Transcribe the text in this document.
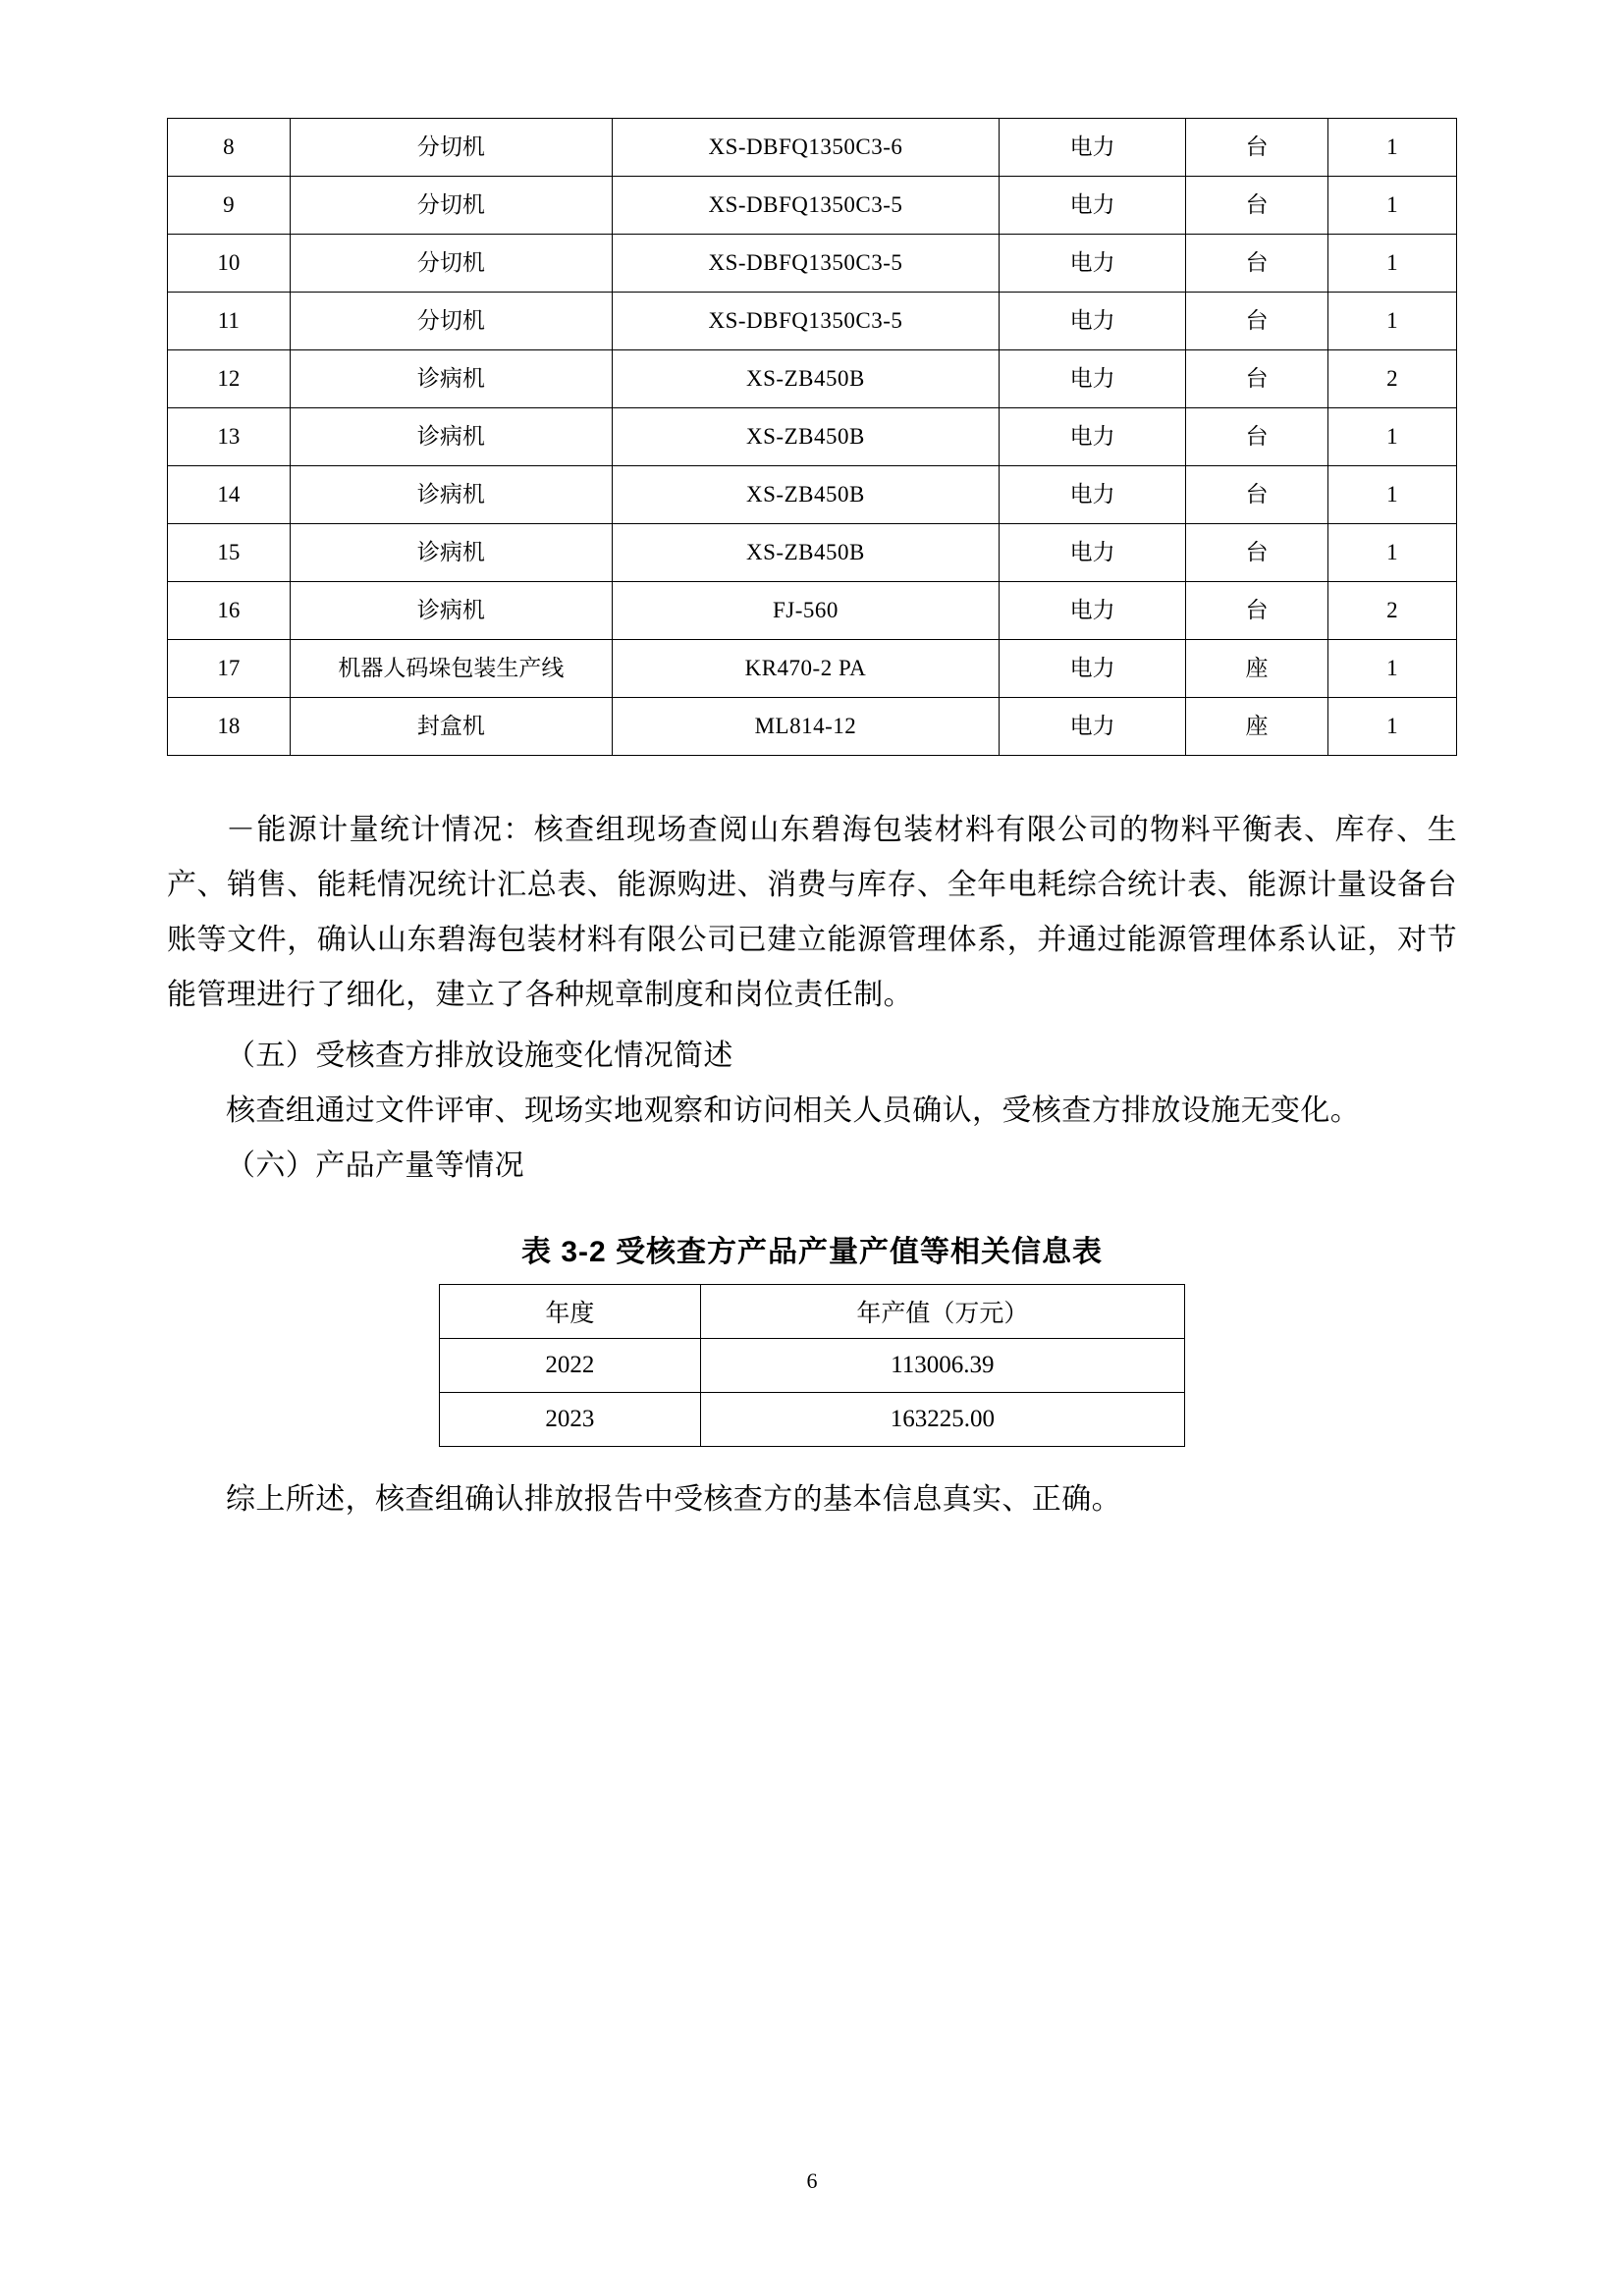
8	分切机	XS-DBFQ1350C3-6	电力	台	1
9	分切机	XS-DBFQ1350C3-5	电力	台	1
10	分切机	XS-DBFQ1350C3-5	电力	台	1
11	分切机	XS-DBFQ1350C3-5	电力	台	1
12	诊病机	XS-ZB450B	电力	台	2
13	诊病机	XS-ZB450B	电力	台	1
14	诊病机	XS-ZB450B	电力	台	1
15	诊病机	XS-ZB450B	电力	台	1
16	诊病机	FJ-560	电力	台	2
17	机器人码垛包装生产线	KR470-2 PA	电力	座	1
18	封盒机	ML814-12	电力	座	1

－能源计量统计情况：核查组现场查阅山东碧海包装材料有限公司的物料平衡表、库存、生产、销售、能耗情况统计汇总表、能源购进、消费与库存、全年电耗综合统计表、能源计量设备台账等文件，确认山东碧海包装材料有限公司已建立能源管理体系，并通过能源管理体系认证，对节能管理进行了细化，建立了各种规章制度和岗位责任制。

（五）受核查方排放设施变化情况简述

核查组通过文件评审、现场实地观察和访问相关人员确认，受核查方排放设施无变化。

（六）产品产量等情况

表 3-2 受核查方产品产量产值等相关信息表
年度	年产值（万元）
2022	113006.39
2023	163225.00

综上所述，核查组确认排放报告中受核查方的基本信息真实、正确。

6
